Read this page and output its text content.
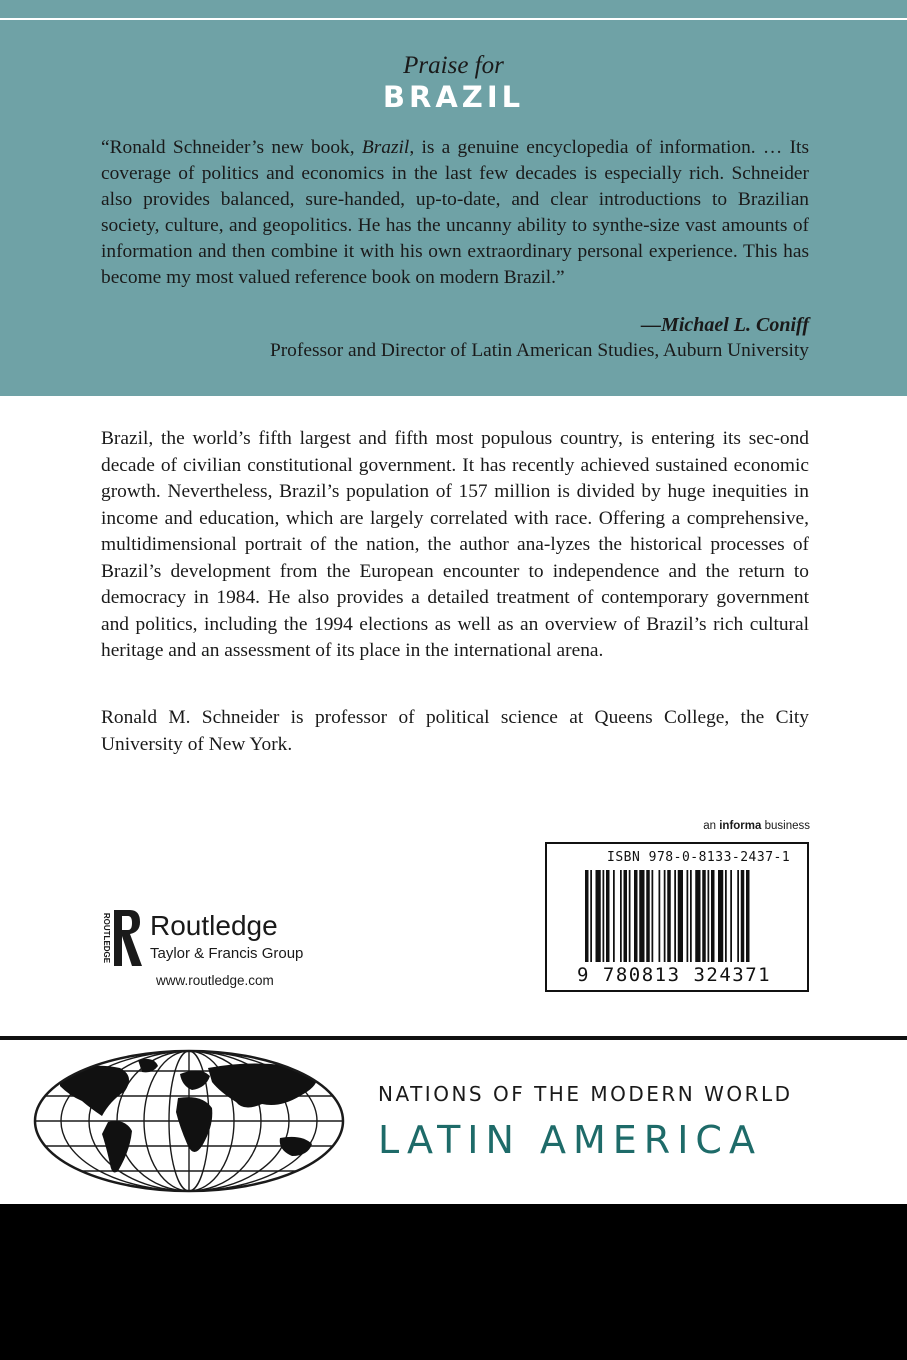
Praise for
BRAZIL
“Ronald Schneider’s new book, Brazil, is a genuine encyclopedia of information. … Its coverage of politics and economics in the last few decades is especially rich. Schneider also provides balanced, sure-handed, up-to-date, and clear introductions to Brazilian society, culture, and geopolitics. He has the uncanny ability to synthe-size vast amounts of information and then combine it with his own extraordinary personal experience. This has become my most valued reference book on modern Brazil.”
—Michael L. Coniff
Professor and Director of Latin American Studies, Auburn University
Brazil, the world’s fifth largest and fifth most populous country, is entering its sec-ond decade of civilian constitutional government. It has recently achieved sustained economic growth. Nevertheless, Brazil’s population of 157 million is divided by huge inequities in income and education, which are largely correlated with race. Offering a comprehensive, multidimensional portrait of the nation, the author ana-lyzes the historical processes of Brazil’s development from the European encounter to independence and the return to democracy in 1984. He also provides a detailed treatment of contemporary government and politics, including the 1994 elections as well as an overview of Brazil’s rich cultural heritage and an assessment of its place in the international arena.
Ronald M. Schneider is professor of political science at Queens College, the City University of New York.
an informa business
ISBN 978-0-8133-2437-1
9 780813 324371
ROUTLEDGE Routledge
Taylor & Francis Group
www.routledge.com
NATIONS OF THE MODERN WORLD
LATIN AMERICA
